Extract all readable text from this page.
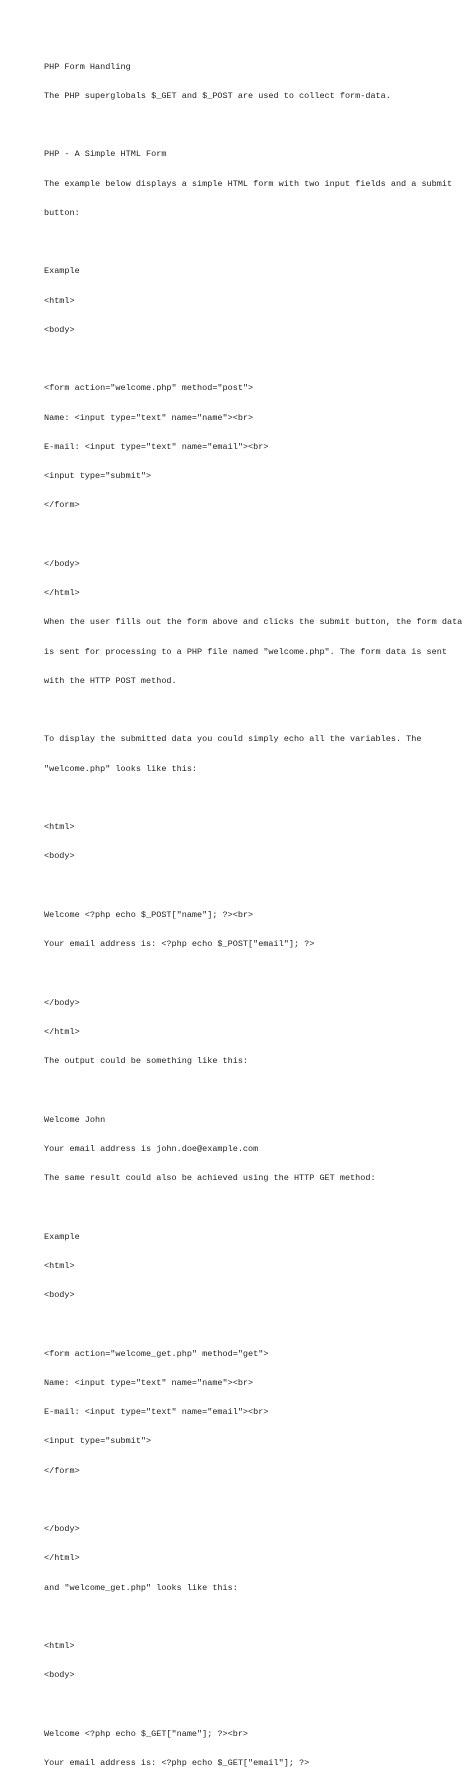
PHP Form Handling

The PHP superglobals $_GET and $_POST are used to collect form-data.

PHP - A Simple HTML Form

The example below displays a simple HTML form with two input fields and a submit

button:

Example

<html>

<body>

<form action="welcome.php" method="post">

Name: <input type="text" name="name"><br>

E-mail: <input type="text" name="email"><br>

<input type="submit">

</form>

</body>

</html>

When the user fills out the form above and clicks the submit button, the form data

is sent for processing to a PHP file named "welcome.php". The form data is sent

with the HTTP POST method.

To display the submitted data you could simply echo all the variables. The

"welcome.php" looks like this:

<html>

<body>

Welcome <?php echo $_POST["name"]; ?><br>

Your email address is: <?php echo $_POST["email"]; ?>

</body>

</html>

The output could be something like this:

Welcome John

Your email address is john.doe@example.com

The same result could also be achieved using the HTTP GET method:

Example

<html>

<body>

<form action="welcome_get.php" method="get">

Name: <input type="text" name="name"><br>

E-mail: <input type="text" name="email"><br>

<input type="submit">

</form>

</body>

</html>

and "welcome_get.php" looks like this:

<html>

<body>

Welcome <?php echo $_GET["name"]; ?><br>

Your email address is: <?php echo $_GET["email"]; ?>
